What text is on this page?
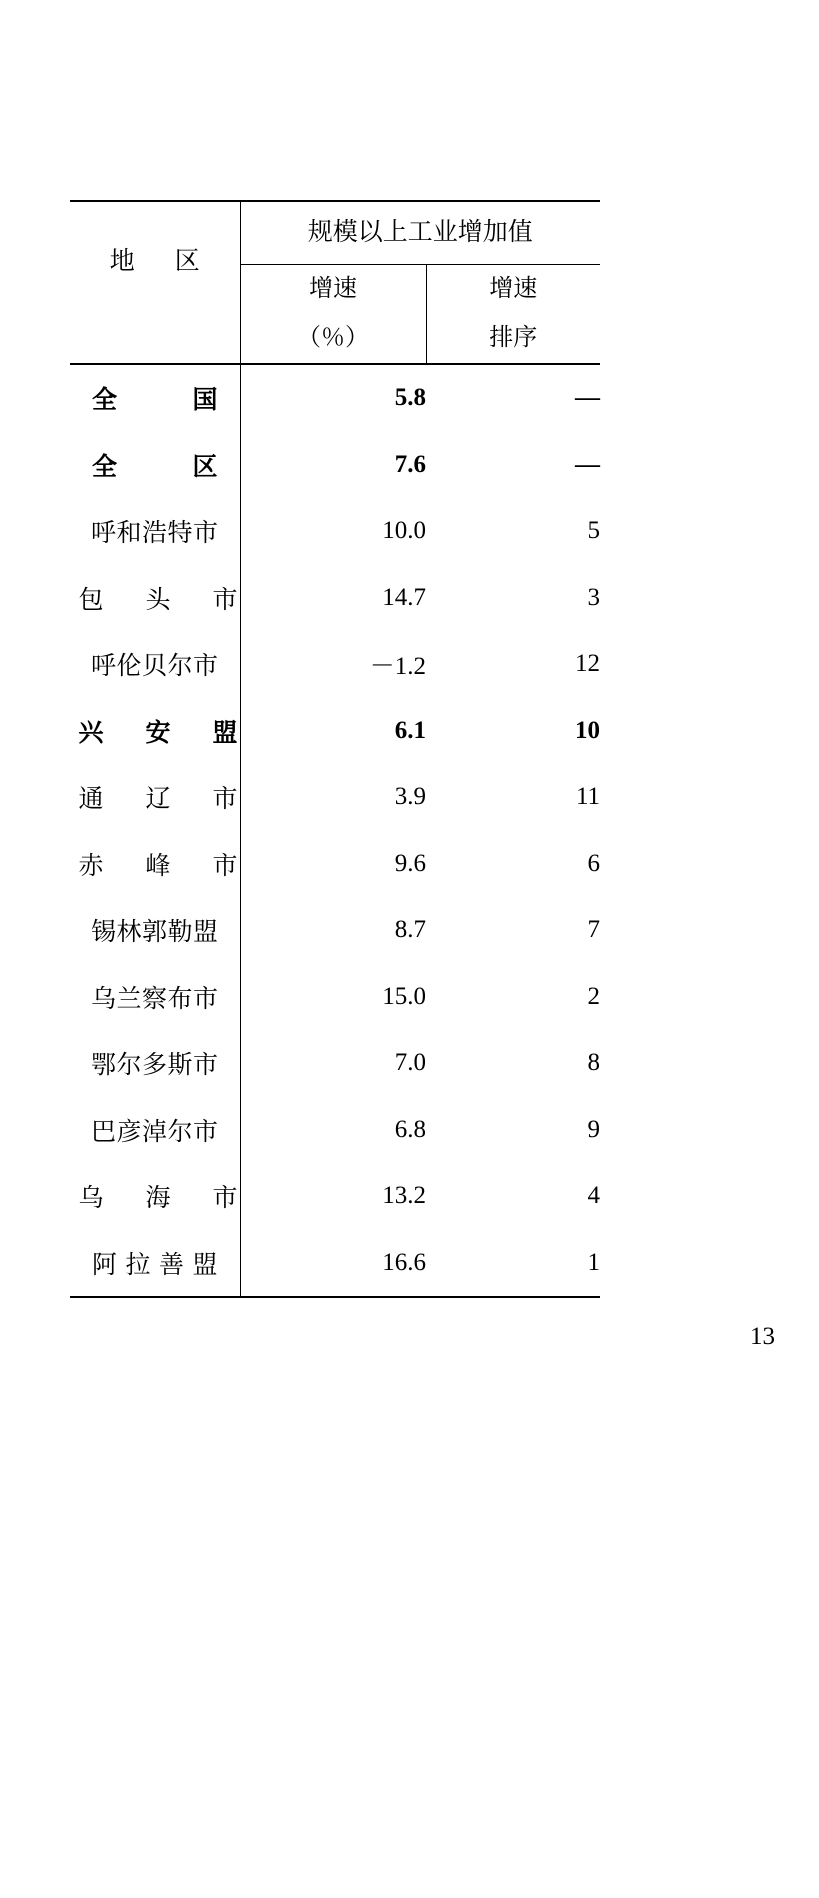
地　区	规模以上工业增加值	
	增速	增速

	（％）	排序

全　　国	5.8	—
全　　区	7.6	—
呼和浩特市	10.0	5
包　头　市	14.7	3
呼伦贝尔市	－1.2	12
兴　安　盟	6.1	10
通　辽　市	3.9	11
赤　峰　市	9.6	6
锡林郭勒盟	8.7	7
乌兰察布市	15.0	2
鄂尔多斯市	7.0	8
巴彦淖尔市	6.8	9
乌　海　市	13.2	4
阿拉善盟	16.6	1
13
